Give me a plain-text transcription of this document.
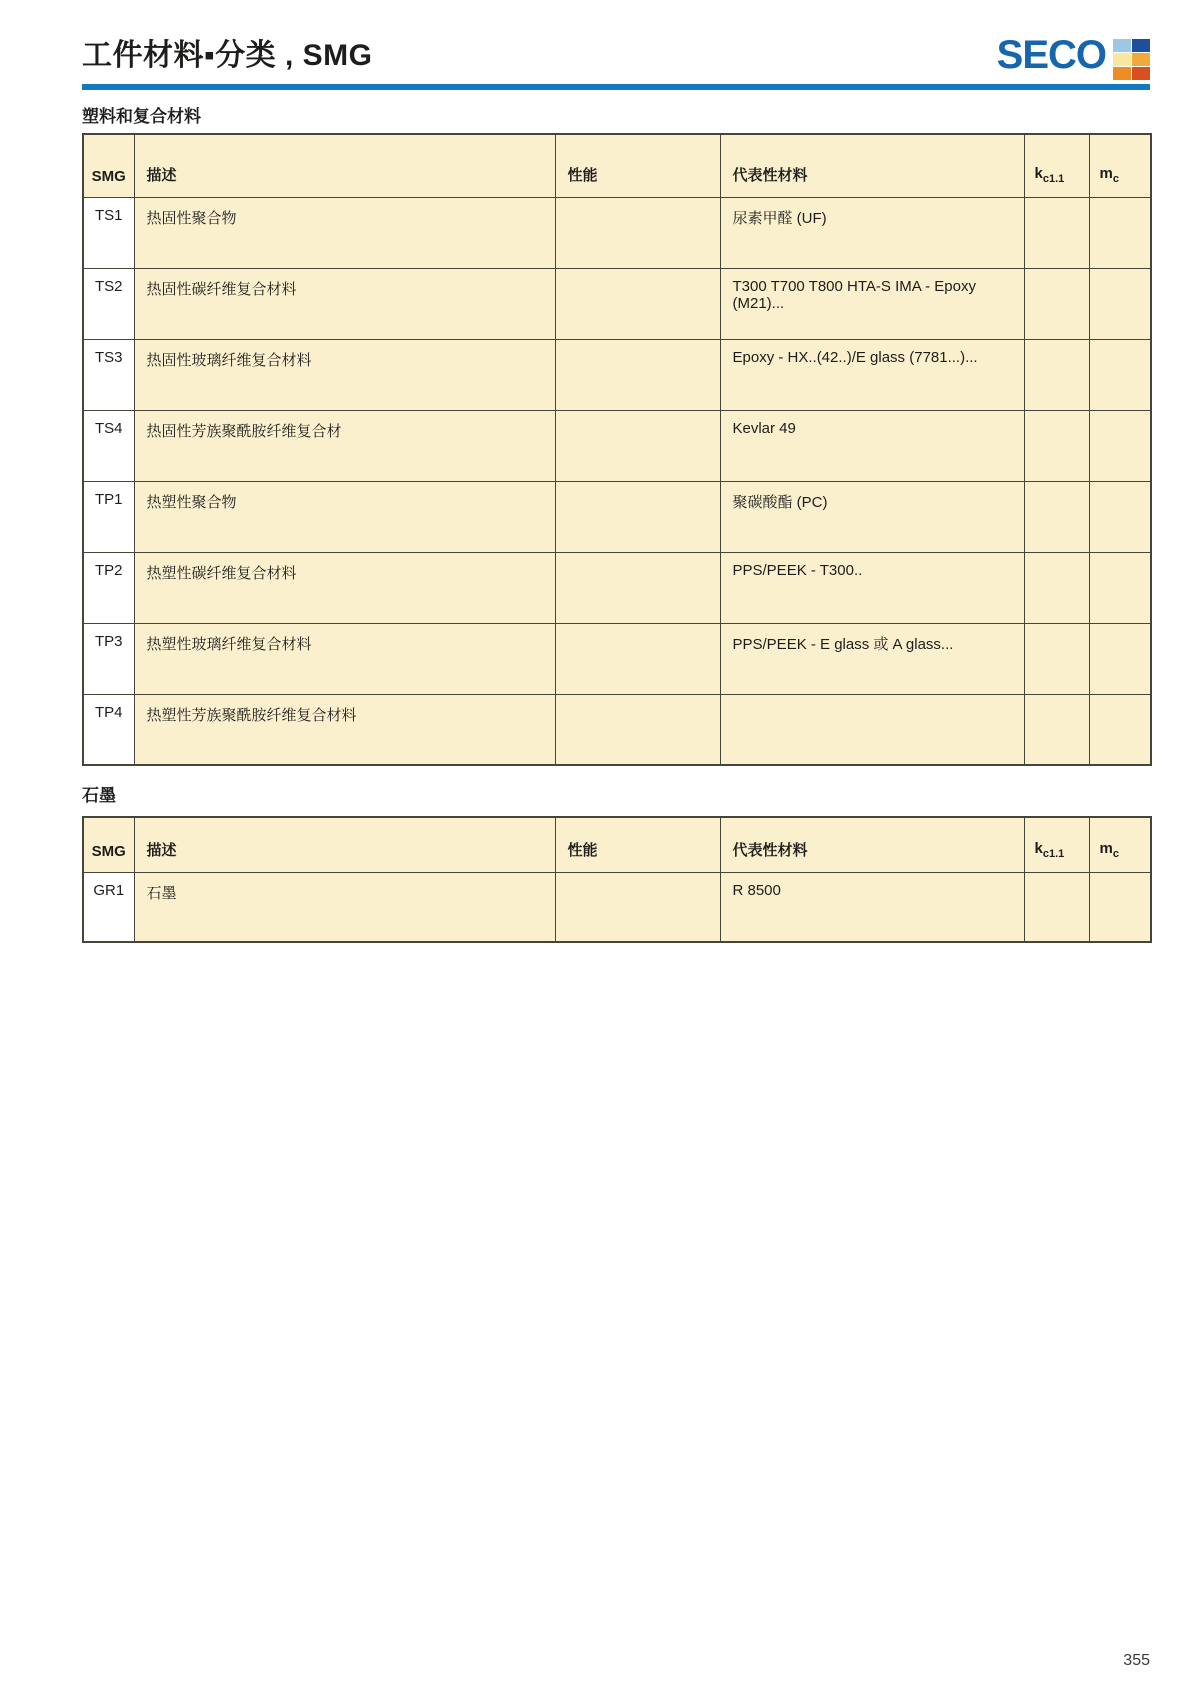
工件材料▪分类 , SMG	SECO
塑料和复合材料
SMG	描述	性能	代表性材料	$k_{c1.1}$	$m_c$
TS1	热固性聚合物		尿素甲醛 (UF)		
TS2	热固性碳纤维复合材料		T300 T700 T800 HTA-S IMA - Epoxy (M21)...		
TS3	热固性玻璃纤维复合材料		Epoxy - HX..(42..)/E glass (7781...)...		
TS4	热固性芳族聚酰胺纤维复合材		Kevlar 49		
TP1	热塑性聚合物		聚碳酸酯 (PC)		
TP2	热塑性碳纤维复合材料		PPS/PEEK - T300..		
TP3	热塑性玻璃纤维复合材料		PPS/PEEK - E glass 或 A glass...		
TP4	热塑性芳族聚酰胺纤维复合材料				
石墨
SMG	描述	性能	代表性材料	$k_{c1.1}$	$m_c$
GR1	石墨		R 8500		
355
